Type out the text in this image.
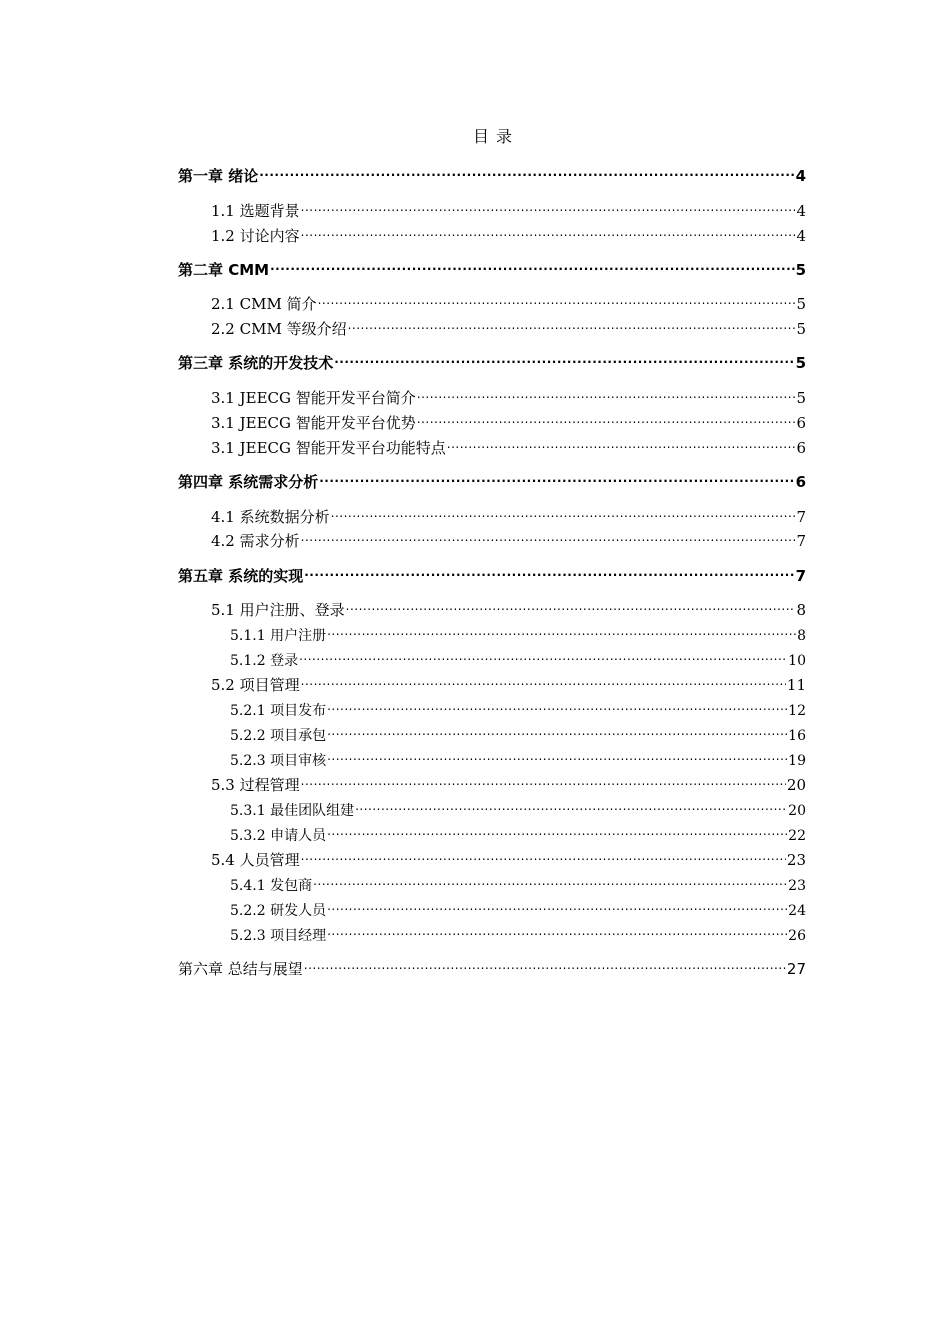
目 录
第一章 绪论 .....	4
1.1 选题背景 .....	4
1.2 讨论内容 .....	4
第二章 CMM .....	5
2.1 CMM 简介 .....	5
2.2 CMM 等级介绍 .....	5
第三章 系统的开发技术 .....	5
3.1 JEECG 智能开发平台简介 .....	5
3.1 JEECG 智能开发平台优势 .....	6
3.1 JEECG 智能开发平台功能特点 .....	6
第四章 系统需求分析 .....	6
4.1 系统数据分析 .....	7
4.2 需求分析 .....	7
第五章 系统的实现 .....	7
5.1 用户注册、登录 .....	8
5.1.1 用户注册 .....	8
5.1.2 登录 .....	10
5.2 项目管理 .....	11
5.2.1 项目发布 .....	12
5.2.2 项目承包 .....	16
5.2.3 项目审核 .....	19
5.3 过程管理 .....	20
5.3.1 最佳团队组建 .....	20
5.3.2 申请人员 .....	22
5.4 人员管理 .....	23
5.4.1 发包商 .....	23
5.2.2 研发人员 .....	24
5.2.3 项目经理 .....	26
第六章 总结与展望 .....	27
